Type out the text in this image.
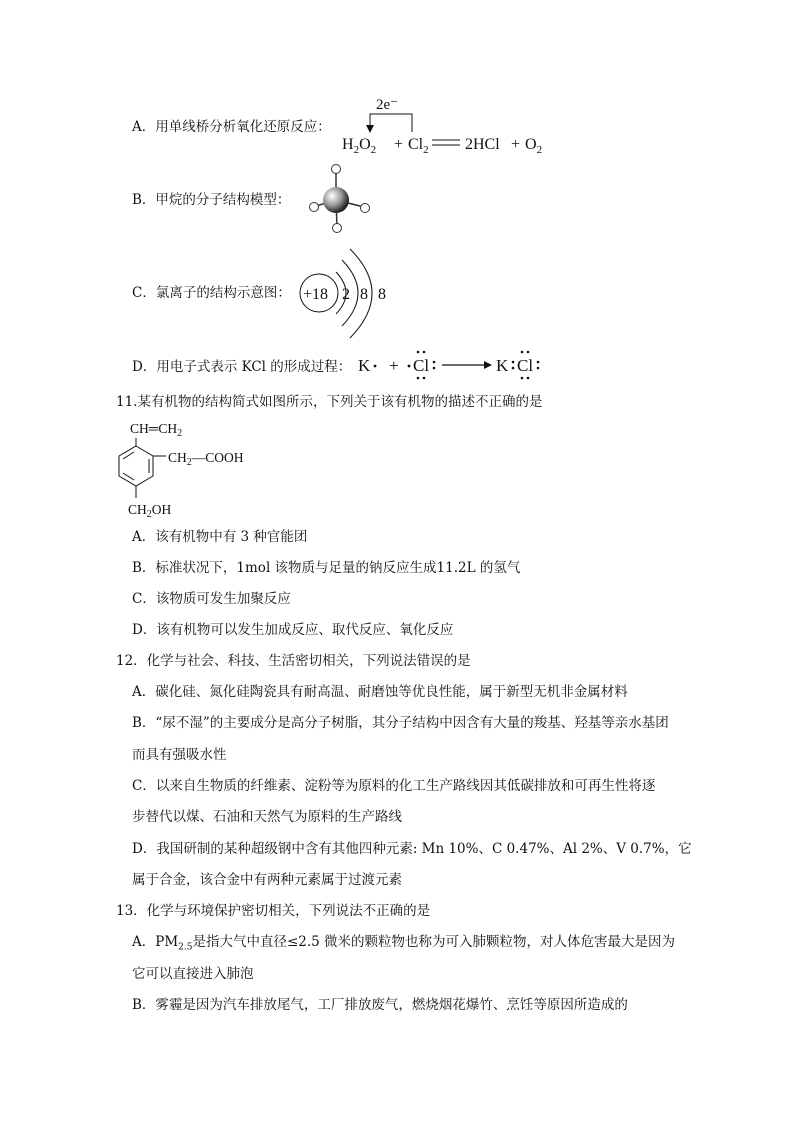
A．用单线桥分析氧化还原反应：
2e⁻
$H_2O_2 + Cl_2$ $2HCl + O_2$
B．甲烷的分子结构模型：
C．氯离子的结构示意图： +18 2 8 8
D．用电子式表示 KCl 的形成过程： K + Cl	K Cl
11.某有机物的结构简式如图所示，下列关于该有机物的描述不正确的是
$CH═CH_2$
$CH_2—COOH$
$CH_2OH$
A．该有机物中有 3 种官能团
B．标准状况下，1mol 该物质与足量的钠反应生成11.2L 的氢气
C．该物质可发生加聚反应
D．该有机物可以发生加成反应、取代反应、氧化反应
12．化学与社会、科技、生活密切相关，下列说法错误的是
A．碳化硅、氮化硅陶瓷具有耐高温、耐磨蚀等优良性能，属于新型无机非金属材料
B．“尿不湿”的主要成分是高分子树脂，其分子结构中因含有大量的羧基、羟基等亲水基团
而具有强吸水性
C．以来自生物质的纤维素、淀粉等为原料的化工生产路线因其低碳排放和可再生性将逐
步替代以煤、石油和天然气为原料的生产路线
D．我国研制的某种超级钢中含有其他四种元素: Mn 10%、C 0.47%、Al 2%、V 0.7%，它
属于合金，该合金中有两种元素属于过渡元素
13．化学与环境保护密切相关，下列说法不正确的是
A．$PM_{2.5}$是指大气中直径≤2.5 微米的颗粒物也称为可入肺颗粒物，对人体危害最大是因为
它可以直接进入肺泡
B．雾霾是因为汽车排放尾气，工厂排放废气，燃烧烟花爆竹、烹饪等原因所造成的
